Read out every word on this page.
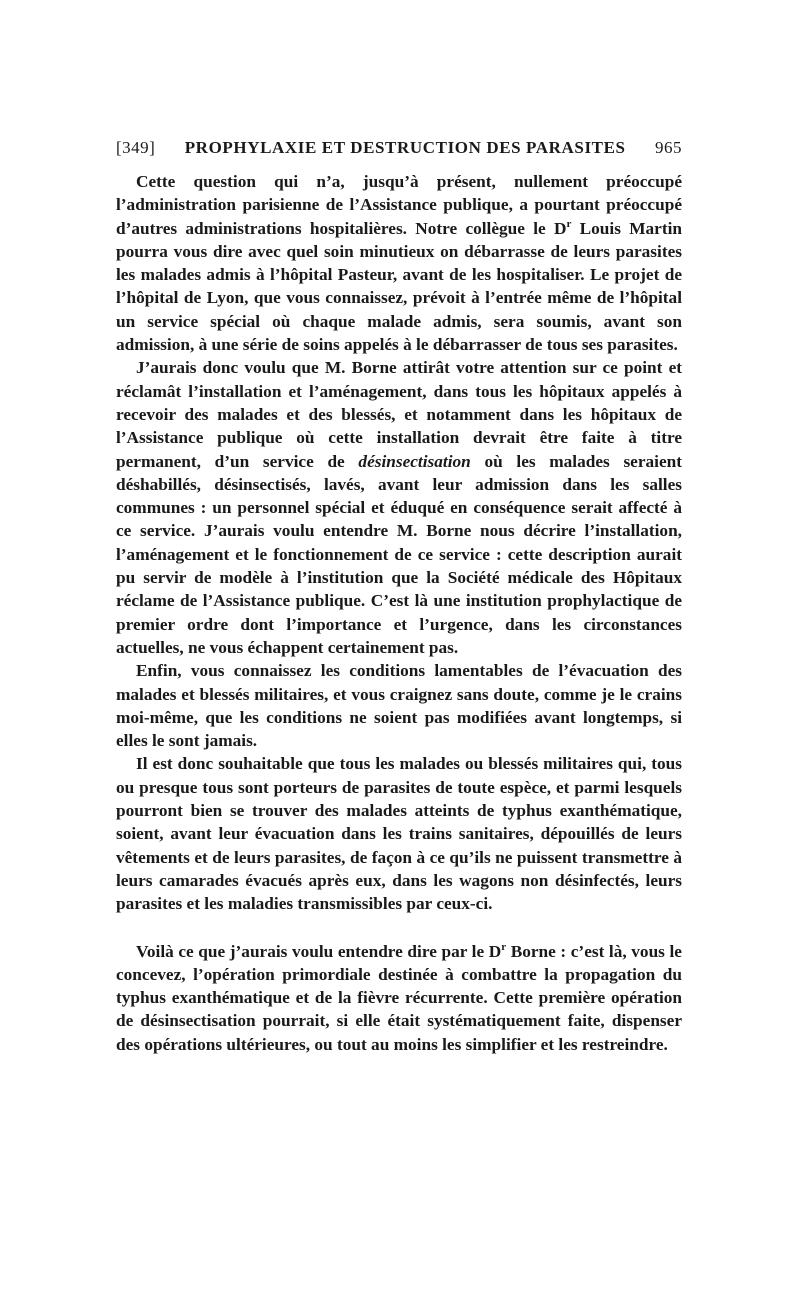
[349]	PROPHYLAXIE ET DESTRUCTION DES PARASITES	965

Cette question qui n’a, jusqu’à présent, nullement préoccupé l’administration parisienne de l’Assistance publique, a pourtant préoccupé d’autres administrations hospitalières. Notre collègue le $D^r$ Louis Martin pourra vous dire avec quel soin minutieux on débarrasse de leurs parasites les malades admis à l’hôpital Pasteur, avant de les hospitaliser. Le projet de l’hôpital de Lyon, que vous connaissez, prévoit à l’entrée même de l’hôpital un service spécial où chaque malade admis, sera soumis, avant son admission, à une série de soins appelés à le débarrasser de tous ses parasites.

J’aurais donc voulu que M. Borne attirât votre attention sur ce point et réclamât l’installation et l’aménagement, dans tous les hôpitaux appelés à recevoir des malades et des blessés, et notamment dans les hôpitaux de l’Assistance publique où cette installation devrait être faite à titre permanent, d’un service de désinsectisation où les malades seraient déshabillés, désinsectisés, lavés, avant leur admission dans les salles communes : un personnel spécial et éduqué en conséquence serait affecté à ce service. J’aurais voulu entendre M. Borne nous décrire l’installation, l’aménagement et le fonctionnement de ce service : cette description aurait pu servir de modèle à l’institution que la Société médicale des Hôpitaux réclame de l’Assistance publique. C’est là une institution prophylactique de premier ordre dont l’importance et l’urgence, dans les circonstances actuelles, ne vous échappent certainement pas.

Enfin, vous connaissez les conditions lamentables de l’évacuation des malades et blessés militaires, et vous craignez sans doute, comme je le crains moi-même, que les conditions ne soient pas modifiées avant longtemps, si elles le sont jamais.

Il est donc souhaitable que tous les malades ou blessés militaires qui, tous ou presque tous sont porteurs de parasites de toute espèce, et parmi lesquels pourront bien se trouver des malades atteints de typhus exanthématique, soient, avant leur évacuation dans les trains sanitaires, dépouillés de leurs vêtements et de leurs parasites, de façon à ce qu’ils ne puissent transmettre à leurs camarades évacués après eux, dans les wagons non désinfectés, leurs parasites et les maladies transmissibles par ceux-ci.

Voilà ce que j’aurais voulu entendre dire par le $D^r$ Borne : c’est là, vous le concevez, l’opération primordiale destinée à combattre la propagation du typhus exanthématique et de la fièvre récurrente. Cette première opération de désinsectisation pourrait, si elle était systématiquement faite, dispenser des opérations ultérieures, ou tout au moins les simplifier et les restreindre.
